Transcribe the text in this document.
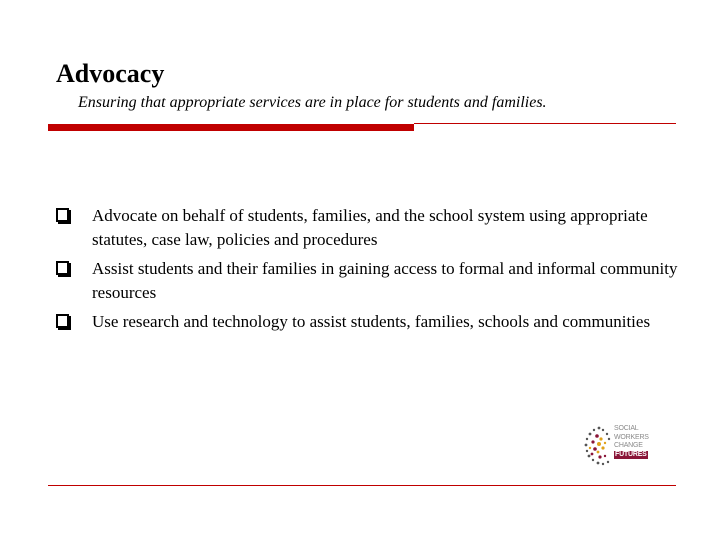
Advocacy
Ensuring that appropriate services are in place for students and families.
Advocate on behalf of students, families, and the school system using appropriate statutes, case law, policies and procedures
Assist students and their families in gaining access to formal and informal community resources
Use research and technology to assist students, families, schools and communities
SOCIAL
WORKERS
CHANGE
FUTURES
